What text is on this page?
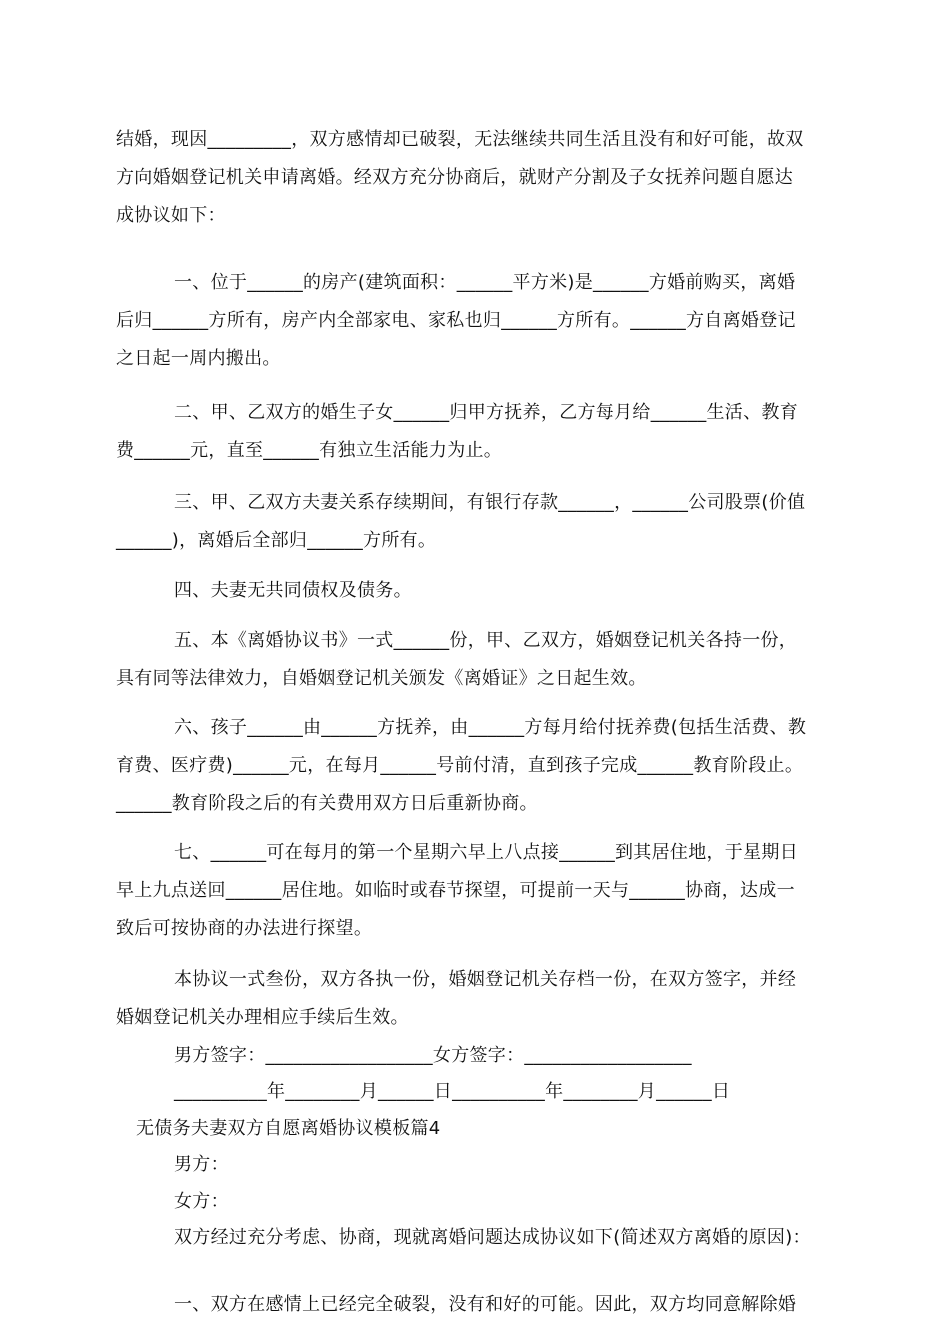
结婚，现因_________，双方感情却已破裂，无法继续共同生活且没有和好可能，故双
方向婚姻登记机关申请离婚。经双方充分协商后，就财产分割及子女抚养问题自愿达
成协议如下：
一、位于______的房产(建筑面积：______平方米)是______方婚前购买，离婚
后归______方所有，房产内全部家电、家私也归______方所有。______方自离婚登记
之日起一周内搬出。
二、甲、乙双方的婚生子女______归甲方抚养，乙方每月给______生活、教育
费______元，直至______有独立生活能力为止。
三、甲、乙双方夫妻关系存续期间，有银行存款______，______公司股票(价值
______)，离婚后全部归______方所有。
四、夫妻无共同债权及债务。
五、本《离婚协议书》一式______份，甲、乙双方，婚姻登记机关各持一份，
具有同等法律效力，自婚姻登记机关颁发《离婚证》之日起生效。
六、孩子______由______方抚养，由______方每月给付抚养费(包括生活费、教
育费、医疗费)______元，在每月______号前付清，直到孩子完成______教育阶段止。
______教育阶段之后的有关费用双方日后重新协商。
七、______可在每月的第一个星期六早上八点接______到其居住地，于星期日
早上九点送回______居住地。如临时或春节探望，可提前一天与______协商，达成一
致后可按协商的办法进行探望。
本协议一式叁份，双方各执一份，婚姻登记机关存档一份，在双方签字，并经
婚姻登记机关办理相应手续后生效。
男方签字：__________________女方签字：__________________
__________年________月______日__________年________月______日
无债务夫妻双方自愿离婚协议模板篇4
男方：
女方：
双方经过充分考虑、协商，现就离婚问题达成协议如下(简述双方离婚的原因)：
一、双方在感情上已经完全破裂，没有和好的可能。因此，双方均同意解除婚
